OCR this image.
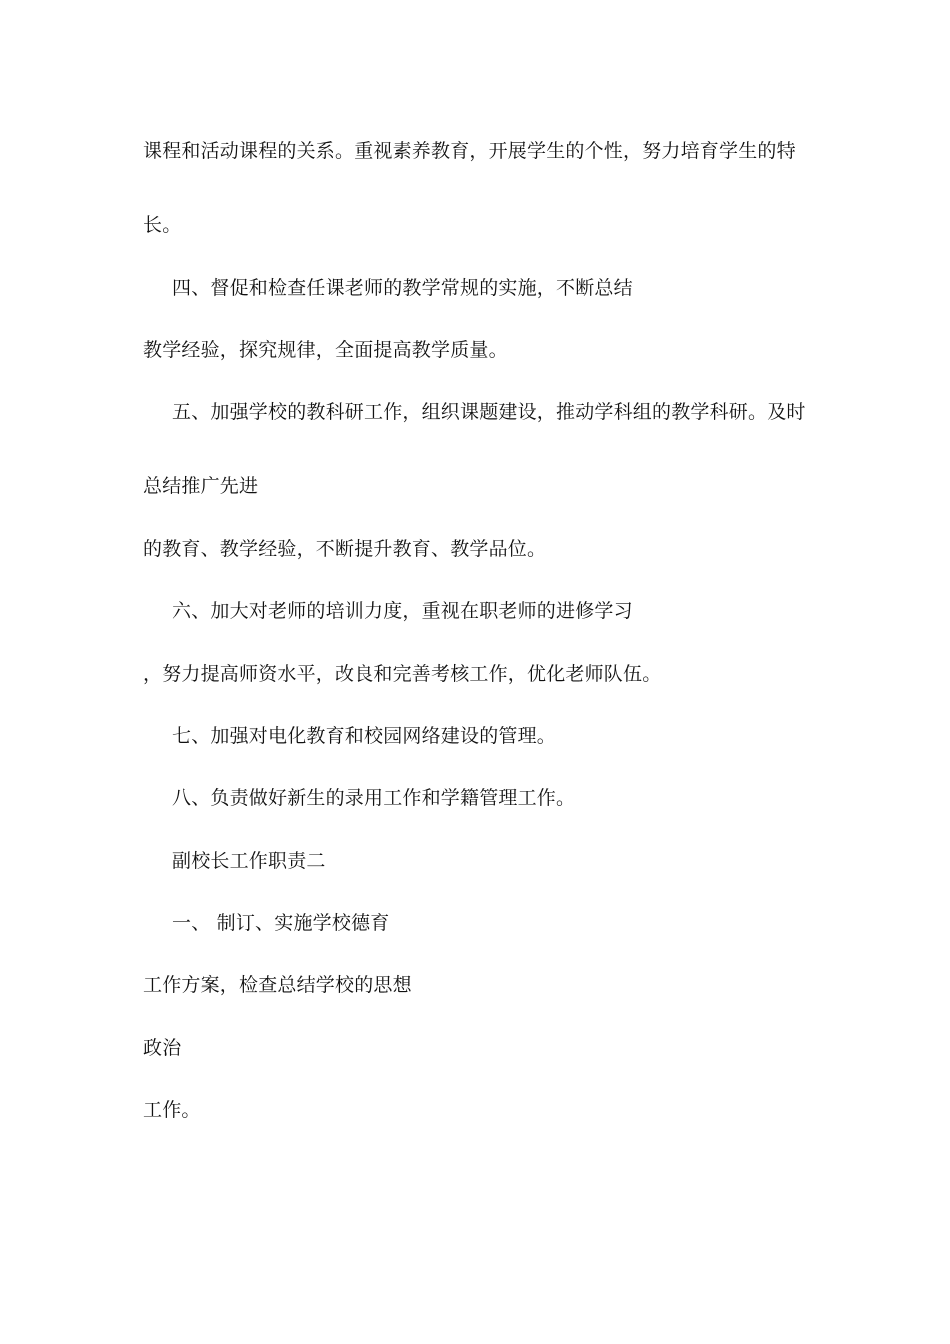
课程和活动课程的关系。重视素养教育，开展学生的个性，努力培育学生的特
长。
四、督促和检查任课老师的教学常规的实施，不断总结
教学经验，探究规律，全面提高教学质量。
五、加强学校的教科研工作，组织课题建设，推动学科组的教学科研。及时
总结推广先进
的教育、教学经验，不断提升教育、教学品位。
六、加大对老师的培训力度，重视在职老师的进修学习
，努力提高师资水平，改良和完善考核工作，优化老师队伍。
七、加强对电化教育和校园网络建设的管理。
八、负责做好新生的录用工作和学籍管理工作。
副校长工作职责二
一、 制订、实施学校德育
工作方案，检查总结学校的思想
政治
工作。
